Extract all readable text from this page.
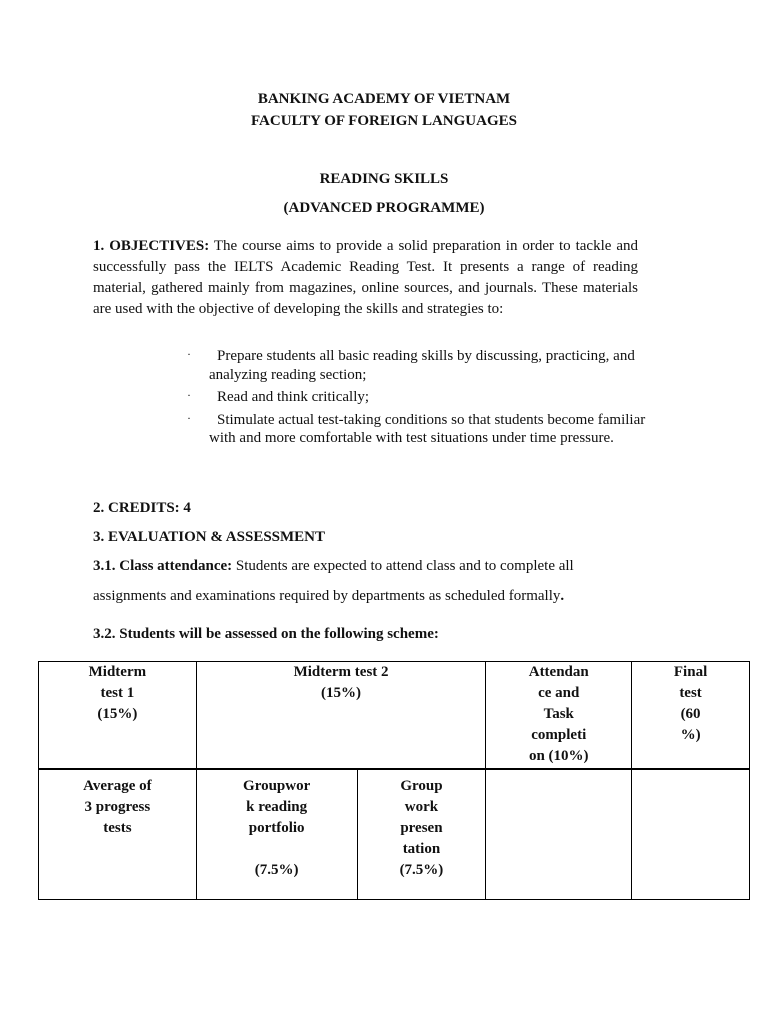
BANKING ACADEMY OF VIETNAM
FACULTY OF FOREIGN LANGUAGES
READING SKILLS
(ADVANCED PROGRAMME)
1. OBJECTIVES: The course aims to provide a solid preparation in order to tackle and successfully pass the IELTS Academic Reading Test. It presents a range of reading material, gathered mainly from magazines, online sources, and journals. These materials are used with the objective of developing the skills and strategies to:
·	Prepare students all basic reading skills by discussing, practicing, and analyzing reading section;
·	Read and think critically;
·	Stimulate actual test-taking conditions so that students become familiar with and more comfortable with test situations under time pressure.
2. CREDITS: 4
3. EVALUATION & ASSESSMENT
3.1. Class attendance: Students are expected to attend class and to complete all
assignments and examinations required by departments as scheduled formally.
3.2. Students will be assessed on the following scheme:
Midterm
test 1
(15%)	Midterm test 2
(15%)		Attendan
ce and
Task
completi
on (10%)	Final
test
(60
%)

Average of
3 progress
tests	Groupwor
k reading
portfolio

(7.5%)	Group
work
presen
tation
(7.5%)		
